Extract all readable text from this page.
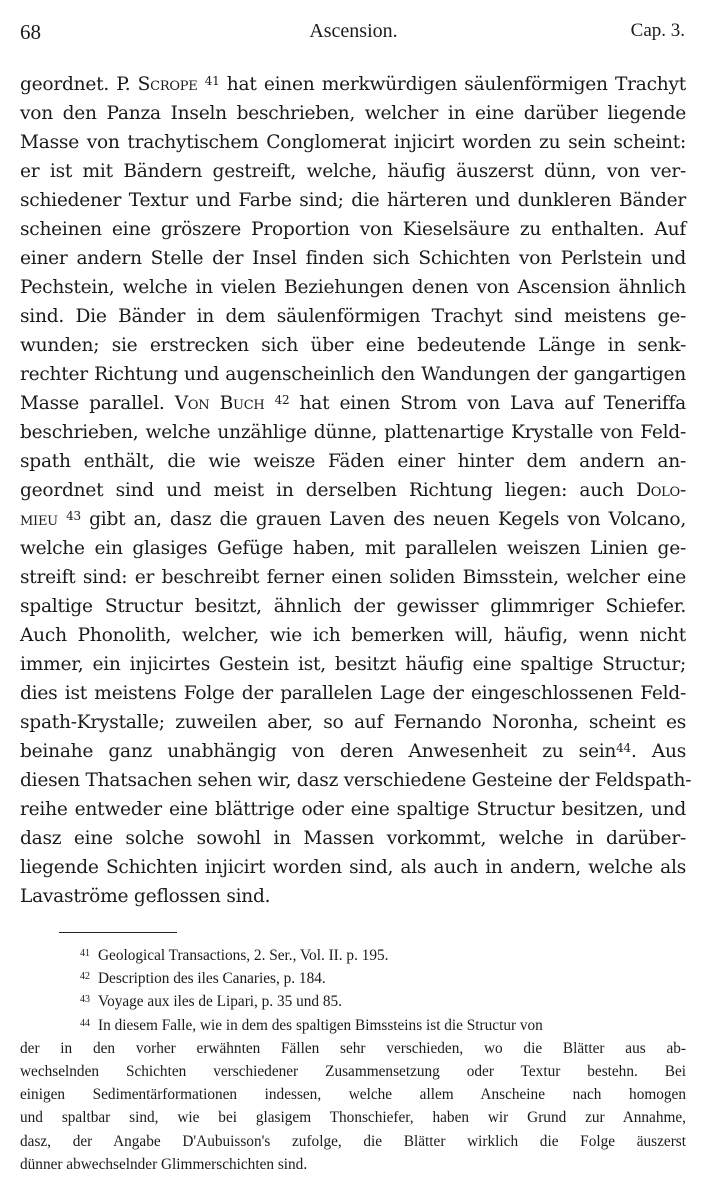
68	Ascension.	Cap. 3.
geordnet. P. Scrope $^{41}$ hat einen merkwürdigen säulenförmigen Trachyt
von den Panza Inseln beschrieben, welcher in eine darüber liegende
Masse von trachytischem Conglomerat injicirt worden zu sein scheint:
er ist mit Bändern gestreift, welche, häufig äuszerst dünn, von ver-
schiedener Textur und Farbe sind; die härteren und dunkleren Bänder
scheinen eine gröszere Proportion von Kieselsäure zu enthalten. Auf
einer andern Stelle der Insel finden sich Schichten von Perlstein und
Pechstein, welche in vielen Beziehungen denen von Ascension ähnlich
sind. Die Bänder in dem säulenförmigen Trachyt sind meistens ge-
wunden; sie erstrecken sich über eine bedeutende Länge in senk-
rechter Richtung und augenscheinlich den Wandungen der gangartigen
Masse parallel. Von Buch $^{42}$ hat einen Strom von Lava auf Teneriffa
beschrieben, welche unzählige dünne, plattenartige Krystalle von Feld-
spath enthält, die wie weisze Fäden einer hinter dem andern an-
geordnet sind und meist in derselben Richtung liegen: auch Dolo-
mieu $^{43}$ gibt an, dasz die grauen Laven des neuen Kegels von Volcano,
welche ein glasiges Gefüge haben, mit parallelen weiszen Linien ge-
streift sind: er beschreibt ferner einen soliden Bimsstein, welcher eine
spaltige Structur besitzt, ähnlich der gewisser glimmriger Schiefer.
Auch Phonolith, welcher, wie ich bemerken will, häufig, wenn nicht
immer, ein injicirtes Gestein ist, besitzt häufig eine spaltige Structur;
dies ist meistens Folge der parallelen Lage der eingeschlossenen Feld-
spath-Krystalle; zuweilen aber, so auf Fernando Noronha, scheint es
beinahe ganz unabhängig von deren Anwesenheit zu sein$^{44}$. Aus
diesen Thatsachen sehen wir, dasz verschiedene Gesteine der Feldspath-
reihe entweder eine blättrige oder eine spaltige Structur besitzen, und
dasz eine solche sowohl in Massen vorkommt, welche in darüber-
liegende Schichten injicirt worden sind, als auch in andern, welche als
Lavaströme geflossen sind.
$^{41}$ Geological Transactions, 2. Ser., Vol. II. p. 195.
$^{42}$ Description des iles Canaries, p. 184.
$^{43}$ Voyage aux iles de Lipari, p. 35 und 85.
$^{44}$ In diesem Falle, wie in dem des spaltigen Bimssteins ist die Structur von
der in den vorher erwähnten Fällen sehr verschieden, wo die Blätter aus ab-
wechselnden Schichten verschiedener Zusammensetzung oder Textur bestehn. Bei
einigen Sedimentärformationen indessen, welche allem Anscheine nach homogen
und spaltbar sind, wie bei glasigem Thonschiefer, haben wir Grund zur Annahme,
dasz, der Angabe D'Aubuisson's zufolge, die Blätter wirklich die Folge äuszerst
dünner abwechselnder Glimmerschichten sind.
